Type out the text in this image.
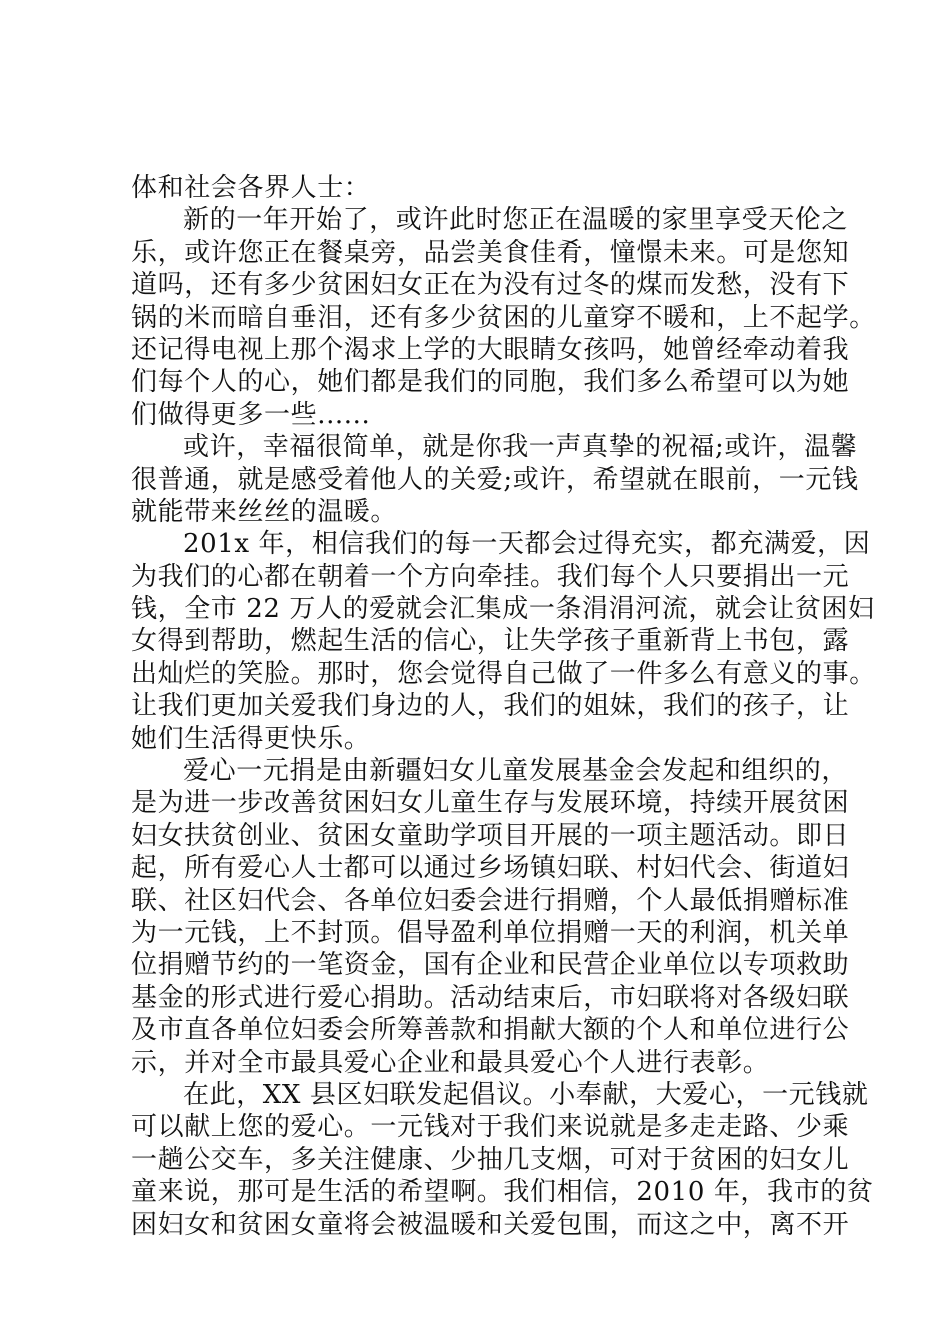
体和社会各界人士：
新的一年开始了，或许此时您正在温暖的家里享受天伦之
乐，或许您正在餐桌旁，品尝美食佳肴，憧憬未来。可是您知
道吗，还有多少贫困妇女正在为没有过冬的煤而发愁，没有下
锅的米而暗自垂泪，还有多少贫困的儿童穿不暖和，上不起学。
还记得电视上那个渴求上学的大眼睛女孩吗，她曾经牵动着我
们每个人的心，她们都是我们的同胞，我们多么希望可以为她
们做得更多一些......
或许，幸福很简单，就是你我一声真挚的祝福;或许，温馨
很普通，就是感受着他人的关爱;或许，希望就在眼前，一元钱
就能带来丝丝的温暖。
201x 年，相信我们的每一天都会过得充实，都充满爱，因
为我们的心都在朝着一个方向牵挂。我们每个人只要捐出一元
钱，全市 22 万人的爱就会汇集成一条涓涓河流，就会让贫困妇
女得到帮助，燃起生活的信心，让失学孩子重新背上书包，露
出灿烂的笑脸。那时，您会觉得自己做了一件多么有意义的事。
让我们更加关爱我们身边的人，我们的姐妹，我们的孩子，让
她们生活得更快乐。
爱心一元捐是由新疆妇女儿童发展基金会发起和组织的，
是为进一步改善贫困妇女儿童生存与发展环境，持续开展贫困
妇女扶贫创业、贫困女童助学项目开展的一项主题活动。即日
起，所有爱心人士都可以通过乡场镇妇联、村妇代会、街道妇
联、社区妇代会、各单位妇委会进行捐赠，个人最低捐赠标准
为一元钱，上不封顶。倡导盈利单位捐赠一天的利润，机关单
位捐赠节约的一笔资金，国有企业和民营企业单位以专项救助
基金的形式进行爱心捐助。活动结束后，市妇联将对各级妇联
及市直各单位妇委会所筹善款和捐献大额的个人和单位进行公
示，并对全市最具爱心企业和最具爱心个人进行表彰。
在此，XX 县区妇联发起倡议。小奉献，大爱心，一元钱就
可以献上您的爱心。一元钱对于我们来说就是多走走路、少乘
一趟公交车，多关注健康、少抽几支烟，可对于贫困的妇女儿
童来说，那可是生活的希望啊。我们相信，2010 年，我市的贫
困妇女和贫困女童将会被温暖和关爱包围，而这之中，离不开
